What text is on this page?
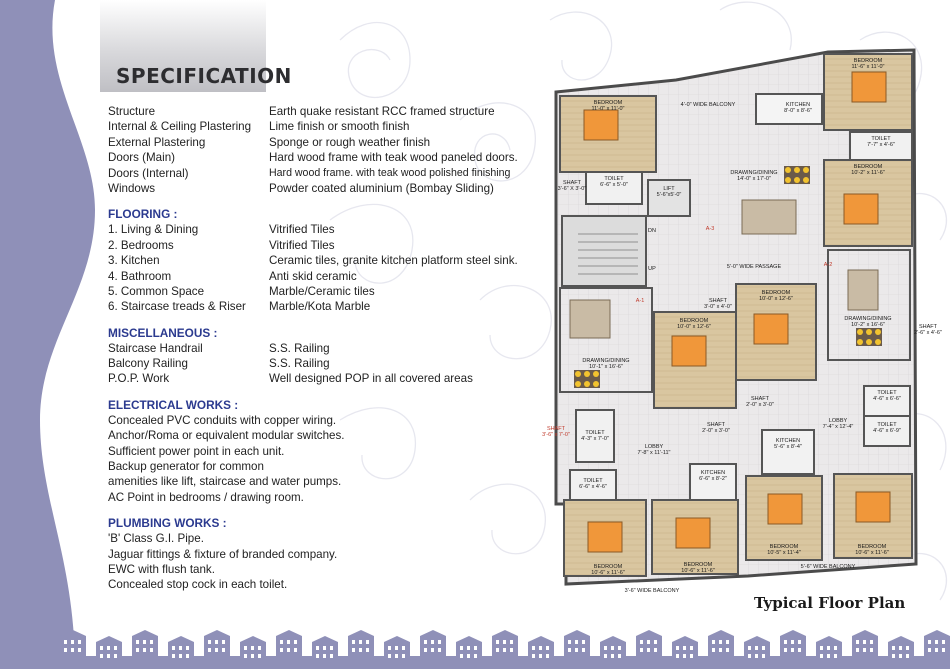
SPECIFICATION
Structure	Earth quake resistant RCC framed structure
Internal & Ceiling Plastering	Lime finish or smooth finish
External Plastering	Sponge or rough weather finish
Doors (Main)	Hard wood frame with teak wood paneled doors.
Doors (Internal)	Hard wood frame. with teak wood polished finishing
Windows	Powder coated aluminium (Bombay Sliding)
FLOORING :
1. Living & Dining	Vitrified Tiles
2. Bedrooms	Vitrified Tiles
3. Kitchen	Ceramic tiles, granite kitchen platform steel sink.
4. Bathroom	Anti skid ceramic
5. Common Space	Marble/Ceramic tiles
6. Staircase treads & Riser	Marble/Kota Marble
MISCELLANEOUS :
Staircase Handrail	S.S. Railing
Balcony Railing	S.S. Railing
P.O.P. Work	Well designed POP in all covered areas
ELECTRICAL WORKS :
Concealed PVC conduits with copper wiring.
Anchor/Roma or equivalent modular switches.
Sufficient power point in each unit.
Backup generator for common
amenities like lift, staircase and water pumps.
AC Point in bedrooms / drawing room.
PLUMBING WORKS :
'B' Class G.I. Pipe.
Jaguar fittings & fixture of branded company.
EWC with flush tank.
Concealed stop cock in each toilet.
BEDROOM
11'-0" x 11'-0"
4'-0" WIDE BALCONY
BEDROOM
11'-6" x 11'-0"
KITCHEN
8'-0" x 8'-6"
TOILET
7'-7" x 4'-6"
DRAWING/DINING
14'-0" x 17'-0"
BEDROOM
10'-2" x 11'-6"
SHAFT
3'-6" X 3'-0"
TOILET
6'-6" x 5'-0"
LIFT
5'-6"x5'-0"
DN
UP	5'-0" WIDE PASSAGE
A-3
A-2
A-1
DRAWING/DINING
10'-2" x 16'-6"	SHAFT
2'-6" x 4'-6"
BEDROOM
10'-0" x 12'-6"
BEDROOM
10'-0" x 12'-6"
SHAFT
3'-0" x 4'-0"
DRAWING/DINING
10'-1" x 16'-6"
TOILET
4'-6" x 6'-6"
SHAFT
2'-0" x 3'-0"
LOBBY
7'-4" x 12'-4"	TOILET
4'-6" x 6'-9"
SHAFT
3'-6" x 7'-0"	TOILET
4'-3" x 7'-0"
SHAFT
2'-0" x 3'-0"
KITCHEN
5'-6" x 8'-4"
LOBBY
7'-8" x 11'-11"
KITCHEN
6'-6" x 8'-2"
TOILET
6'-6" x 4'-6"
BEDROOM
10'-6" x 11'-6"
BEDROOM
10'-6" x 11'-6"
BEDROOM
10'-5" x 11'-4"
BEDROOM
10'-6" x 11'-6"
5'-6" WIDE BALCONY
3'-6" WIDE BALCONY
Typical Floor Plan
